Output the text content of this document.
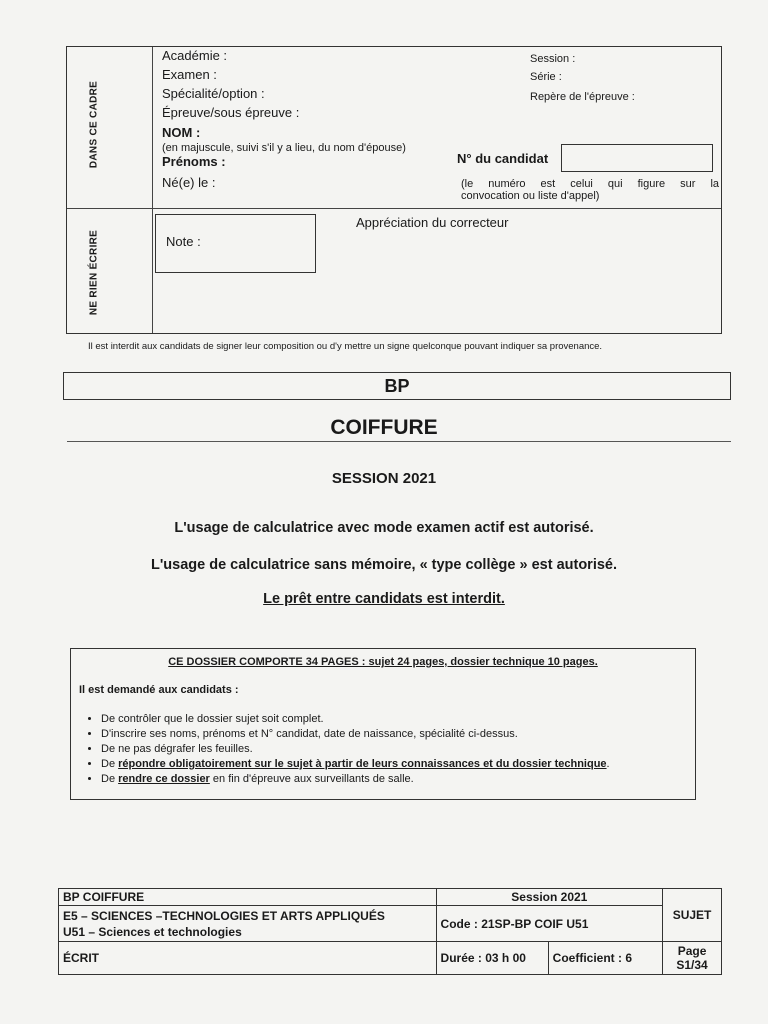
DANS CE CADRE
NE RIEN ÉCRIRE
Académie :
Examen :
Spécialité/option :
Épreuve/sous épreuve :
NOM :
(en majuscule, suivi s'il y a lieu, du nom d'épouse)
Prénoms :
Né(e) le :
Session :
Série :
Repère de l'épreuve :
N° du candidat
(le numéro est celui qui figure sur la
convocation ou liste d'appel)
Appréciation du correcteur
Note :
Il est interdit aux candidats de signer leur composition ou d'y mettre un signe quelconque pouvant indiquer sa provenance.
BP
COIFFURE
SESSION 2021
L'usage de calculatrice avec mode examen actif est autorisé.
L'usage de calculatrice sans mémoire, « type collège » est autorisé.
Le prêt entre candidats est interdit.
CE DOSSIER COMPORTE 34 PAGES : sujet 24 pages, dossier technique 10 pages.
Il est demandé aux candidats :
• De contrôler que le dossier sujet soit complet.
• D'inscrire ses noms, prénoms et N° candidat, date de naissance, spécialité ci-dessus.
• De ne pas dégrafer les feuilles.
• De répondre obligatoirement sur le sujet à partir de leurs connaissances et du dossier technique.
• De rendre ce dossier en fin d'épreuve aux surveillants de salle.
BP COIFFURE	Session 2021		SUJET

E5 – SCIENCES –TECHNOLOGIES ET ARTS APPLIQUÉS
U51 – Sciences et technologies	Code : 21SP-BP COIF U51		
ÉCRIT	Durée : 03 h 00	Coefficient : 6	Page
S1/34
